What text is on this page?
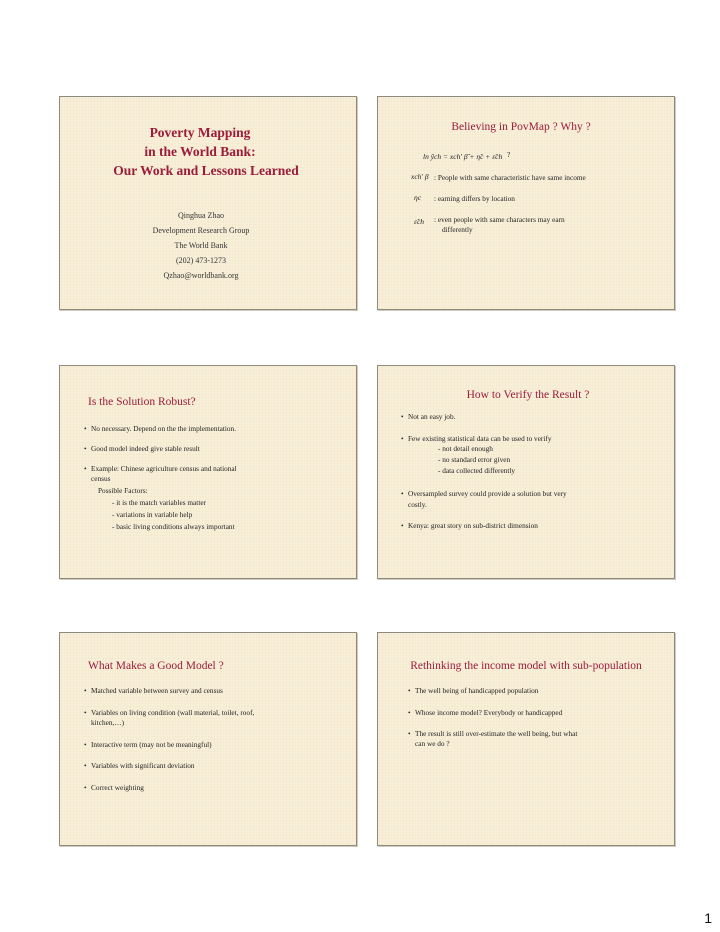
Poverty Mapping
in the World Bank:
Our Work and Lessons Learned
Qinghua Zhao
Development Research Group
The World Bank
(202) 473-1273
Qzhao@worldbank.org
Believing in PovMap ? Why ?
ln ỹch = xch' β̃ + η̃c + ε̃ch ?
xch' β : People with same characteristic have same income
ηc : earning differs by location
ε̃ch : even people with same characters may earn
differently
Is the Solution Robust?
• No necessary. Depend on the the implementation.
• Good model indeed give stable result
• Example: Chinese agriculture census and national
census
Possible Factors:
- it is the match variables matter
- variations in variable help
- basic living conditions always important
How to Verify the Result ?
• Not an easy job.
• Few existing statistical data can be used to verify
- not detail enough
- no standard error given
- data collected differently
• Oversampled survey could provide a solution but very
costly.
• Kenya: great story on sub-district dimension
What Makes a Good Model ?
• Matched variable between survey and census
• Variables on living condition (wall material, toilet, roof,
kitchen,…)
• Interactive term (may not be meaningful)
• Variables with significant deviation
• Correct weighting
Rethinking the income model with sub-population
• The well being of handicapped population
• Whose income model? Everybody or handicapped
• The result is still over-estimate the well being, but what
can we do ?
1
